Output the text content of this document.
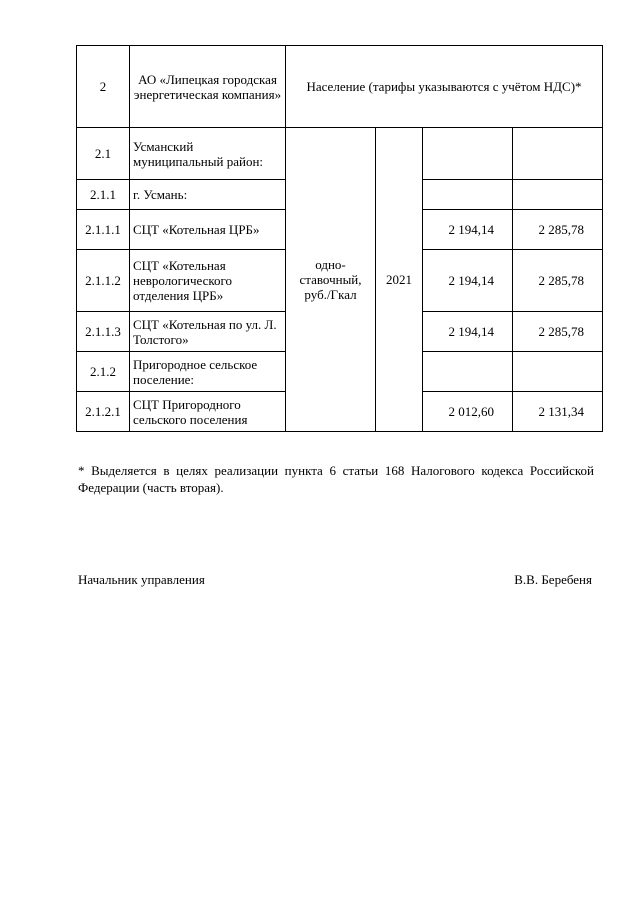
2	АО «Липецкая городская энергетическая компания»	Население (тарифы указываются с учётом НДС)*			
2.1	Усманский муниципальный район:	одно-ставочный, руб./Гкал	2021		
2.1.1	г. Усмань:				
2.1.1.1	СЦТ «Котельная ЦРБ»			2 194,14	2 285,78
2.1.1.2	СЦТ «Котельная неврологического отделения ЦРБ»			2 194,14	2 285,78
2.1.1.3	СЦТ «Котельная по ул. Л. Толстого»			2 194,14	2 285,78
2.1.2	Пригородное сельское поселение:				
2.1.2.1	СЦТ Пригородного сельского поселения			2 012,60	2 131,34
* Выделяется в целях реализации пункта 6 статьи 168 Налогового кодекса Российской Федерации (часть вторая).
Начальник управления	В.В. Беребеня
